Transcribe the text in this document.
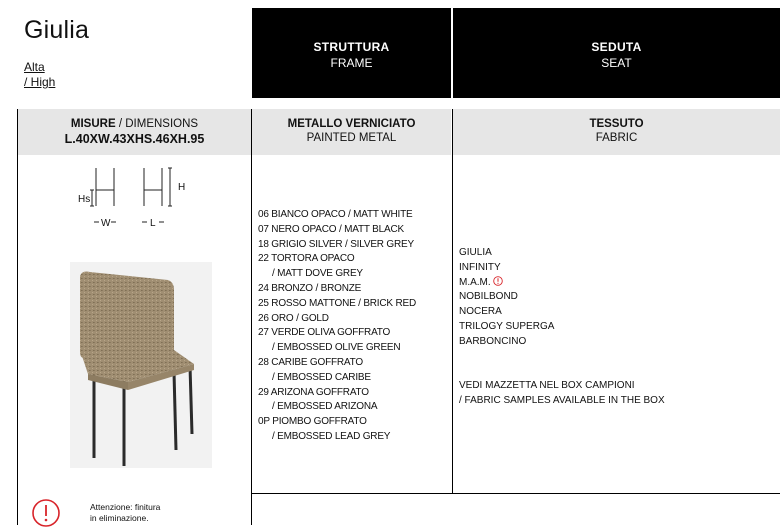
Giulia
Alta
/ High
STRUTTURA
FRAME
SEDUTA
SEAT
MISURE / DIMENSIONS
L.40XW.43XHS.46XH.95
METALLO VERNICIATO
PAINTED METAL
TESSUTO
FABRIC
Hs
H
W	L
06 BIANCO OPACO / MATT WHITE
07 NERO OPACO / MATT BLACK
18 GRIGIO SILVER / SILVER GREY
22 TORTORA OPACO
/ MATT DOVE GREY
24 BRONZO / BRONZE
25 ROSSO MATTONE / BRICK RED
26 ORO / GOLD
27 VERDE OLIVA GOFFRATO
/ EMBOSSED OLIVE GREEN
28 CARIBE GOFFRATO
/ EMBOSSED CARIBE
29 ARIZONA GOFFRATO
/ EMBOSSED ARIZONA
0P PIOMBO GOFFRATO
/ EMBOSSED LEAD GREY
GIULIA
INFINITY
M.A.M.
NOBILBOND
NOCERA
TRILOGY SUPERGA
BARBONCINO
VEDI MAZZETTA NEL BOX CAMPIONI
/ FABRIC SAMPLES AVAILABLE IN THE BOX
Attenzione: finitura
in eliminazione.
